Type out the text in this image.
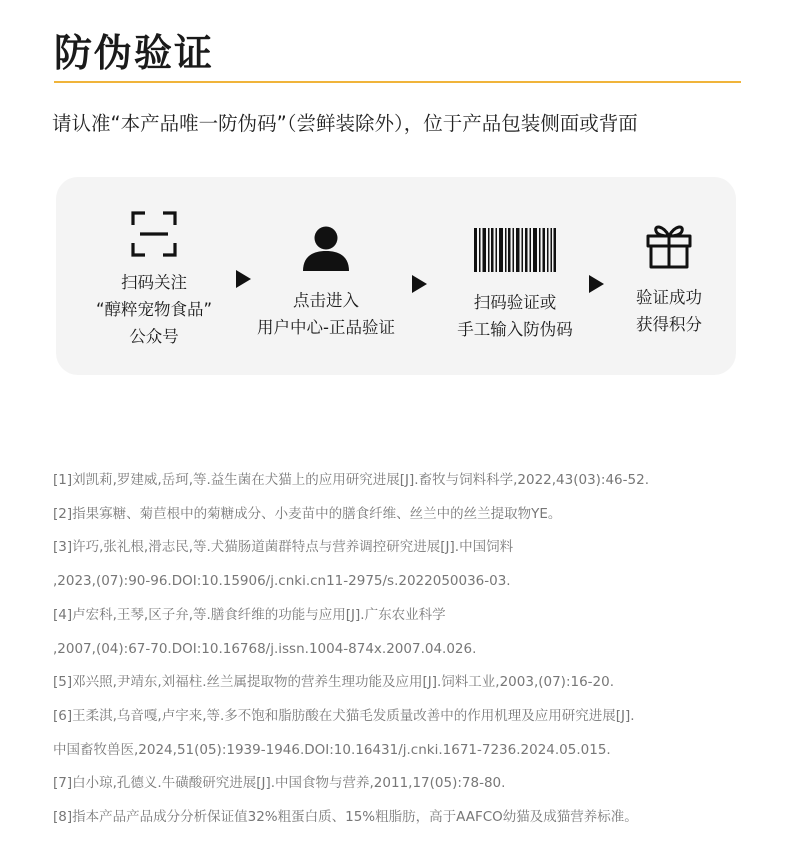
防伪验证
请认准“本产品唯一防伪码”（尝鲜装除外），位于产品包装侧面或背面
扫码关注
“醇粹宠物食品”
公众号
点击进入
用户中心-正品验证
扫码验证或
手工输入防伪码
验证成功
获得积分
[1]刘凯莉,罗建威,岳珂,等.益生菌在犬猫上的应用研究进展[J].畜牧与饲料科学,2022,43(03):46-52.
[2]指果寡糖、菊苣根中的菊糖成分、小麦苗中的膳食纤维、丝兰中的丝兰提取物YE。
[3]许巧,张礼根,滑志民,等.犬猫肠道菌群特点与营养调控研究进展[J].中国饲料
,2023,(07):90-96.DOI:10.15906/j.cnki.cn11-2975/s.2022050036-03.
[4]卢宏科,王琴,区子弁,等.膳食纤维的功能与应用[J].广东农业科学
,2007,(04):67-70.DOI:10.16768/j.issn.1004-874x.2007.04.026.
[5]邓兴照,尹靖东,刘福柱.丝兰属提取物的营养生理功能及应用[J].饲料工业,2003,(07):16-20.
[6]王柔淇,乌音嘎,卢宇来,等.多不饱和脂肪酸在犬猫毛发质量改善中的作用机理及应用研究进展[J].
中国畜牧兽医,2024,51(05):1939-1946.DOI:10.16431/j.cnki.1671-7236.2024.05.015.
[7]白小琼,孔德义.牛磺酸研究进展[J].中国食物与营养,2011,17(05):78-80.
[8]指本产品产品成分分析保证值32%粗蛋白质、15%粗脂肪，高于AAFCO幼猫及成猫营养标准。
